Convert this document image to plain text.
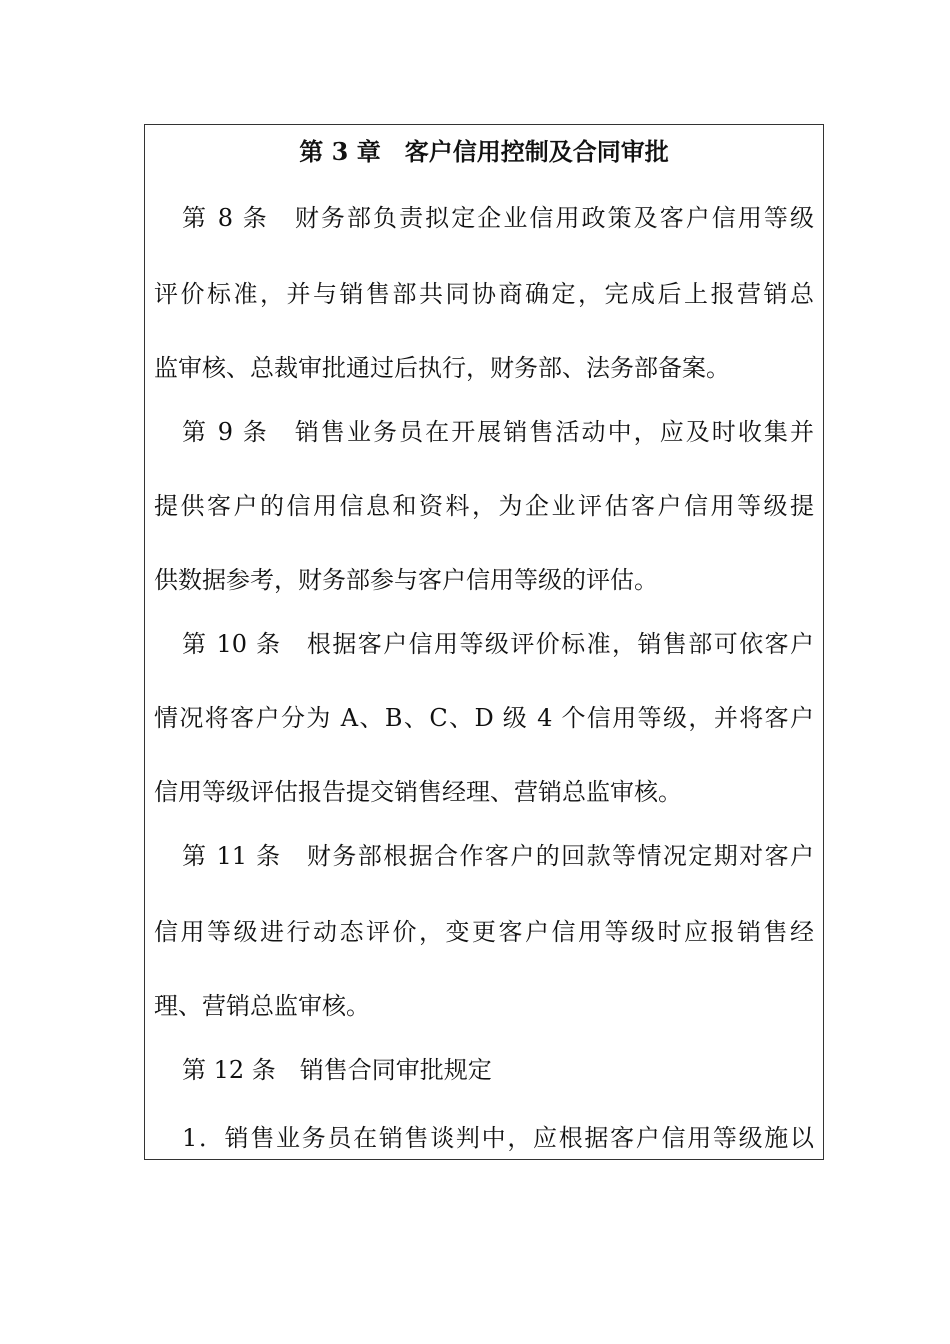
第 3 章　客户信用控制及合同审批
第 8 条　财务部负责拟定企业信用政策及客户信用等级
评价标准，并与销售部共同协商确定，完成后上报营销总
监审核、总裁审批通过后执行，财务部、法务部备案。
第 9 条　销售业务员在开展销售活动中，应及时收集并
提供客户的信用信息和资料，为企业评估客户信用等级提
供数据参考，财务部参与客户信用等级的评估。
第 10 条　根据客户信用等级评价标准，销售部可依客户
情况将客户分为 A、B、C、D 级 4 个信用等级，并将客户
信用等级评估报告提交销售经理、营销总监审核。
第 11 条　财务部根据合作客户的回款等情况定期对客户
信用等级进行动态评价，变更客户信用等级时应报销售经
理、营销总监审核。
第 12 条　销售合同审批规定
1．销售业务员在销售谈判中，应根据客户信用等级施以
